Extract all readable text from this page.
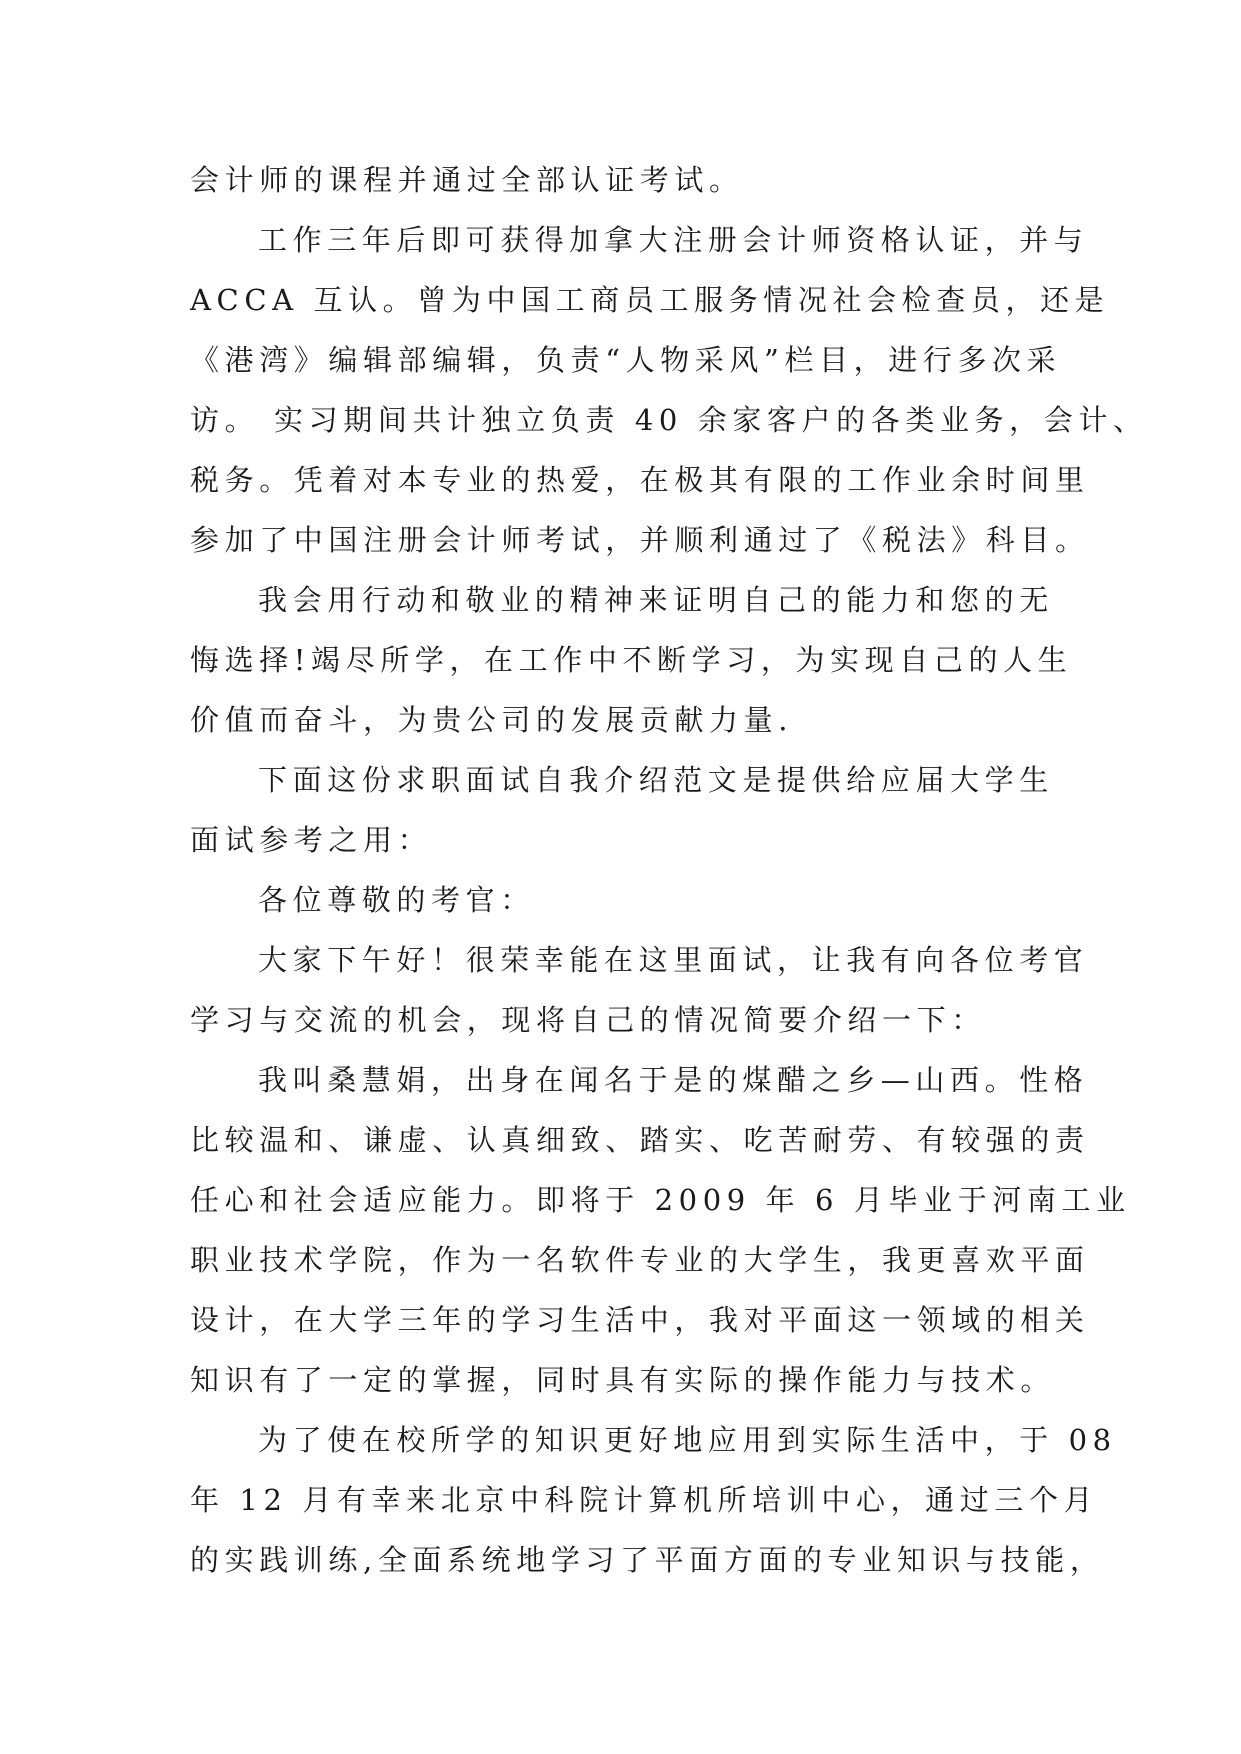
会计师的课程并通过全部认证考试。

工作三年后即可获得加拿大注册会计师资格认证，并与

ACCA 互认。曾为中国工商员工服务情况社会检查员，还是

《港湾》编辑部编辑，负责“人物采风”栏目，进行多次采

访。 实习期间共计独立负责 40 余家客户的各类业务，会计、

税务。凭着对本专业的热爱，在极其有限的工作业余时间里

参加了中国注册会计师考试，并顺利通过了《税法》科目。

我会用行动和敬业的精神来证明自己的能力和您的无

悔选择!竭尽所学，在工作中不断学习，为实现自己的人生

价值而奋斗，为贵公司的发展贡献力量.

下面这份求职面试自我介绍范文是提供给应届大学生

面试参考之用：

各位尊敬的考官：

大家下午好！很荣幸能在这里面试，让我有向各位考官

学习与交流的机会，现将自己的情况简要介绍一下：

我叫桑慧娟，出身在闻名于是的煤醋之乡—山西。性格

比较温和、谦虚、认真细致、踏实、吃苦耐劳、有较强的责

任心和社会适应能力。即将于 2009 年 6 月毕业于河南工业

职业技术学院，作为一名软件专业的大学生，我更喜欢平面

设计，在大学三年的学习生活中，我对平面这一领域的相关

知识有了一定的掌握，同时具有实际的操作能力与技术。

为了使在校所学的知识更好地应用到实际生活中，于 08

年 12 月有幸来北京中科院计算机所培训中心，通过三个月

的实践训练,全面系统地学习了平面方面的专业知识与技能，
